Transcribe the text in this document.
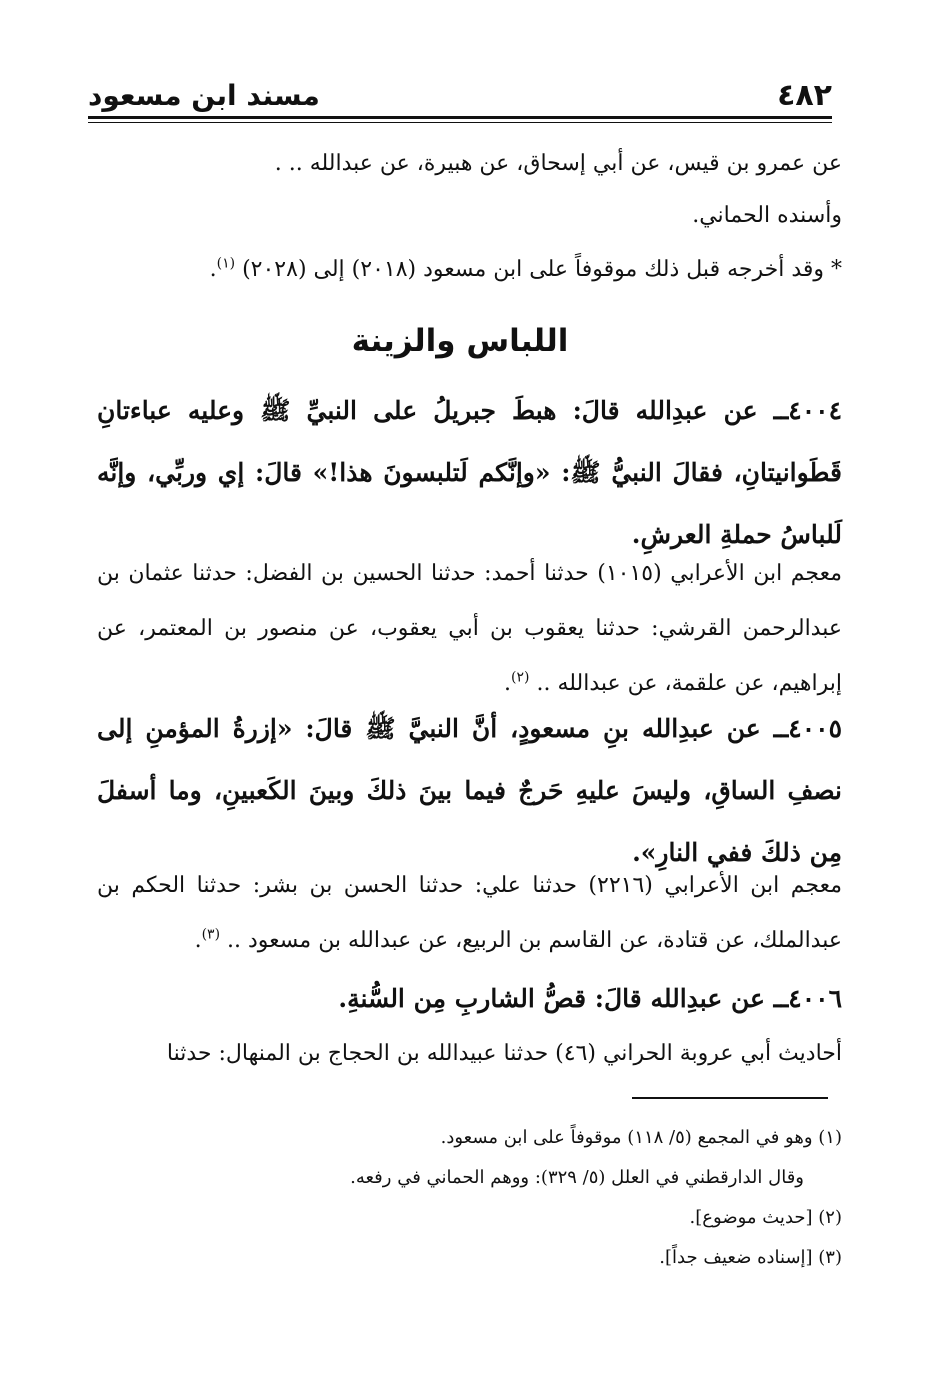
٤٨٢
مسند ابن مسعود
عن عمرو بن قيس، عن أبي إسحاق، عن هبيرة، عن عبدالله .. .
وأسنده الحماني.
* وقد أخرجه قبل ذلك موقوفاً على ابن مسعود (٢٠١٨) إلى (٢٠٢٨) $^{(١)}$.
اللباس والزينة
٤٠٠٤ــ عن عبدِالله قالَ: هبطَ جبريلُ على النبيِّ ﷺ وعليه عباءتانِ قَطَوانيتانِ، فقالَ النبيُّ ﷺ: «وإنَّكم لَتلبسونَ هذا!» قالَ: إي وربِّي، وإنَّه لَلباسُ حملةِ العرشِ.
معجم ابن الأعرابي (١٠١٥) حدثنا أحمد: حدثنا الحسين بن الفضل: حدثنا عثمان بن عبدالرحمن القرشي: حدثنا يعقوب بن أبي يعقوب، عن منصور بن المعتمر، عن إبراهيم، عن علقمة، عن عبدالله .. $^{(٢)}$.
٤٠٠٥ــ عن عبدِالله بنِ مسعودٍ، أنَّ النبيَّ ﷺ قالَ: «إزرةُ المؤمنِ إلى نصفِ الساقِ، وليسَ عليهِ حَرجٌ فيما بينَ ذلكَ وبينَ الكَعبينِ، وما أسفلَ مِن ذلكَ ففي النارِ».
معجم ابن الأعرابي (٢٢١٦) حدثنا علي: حدثنا الحسن بن بشر: حدثنا الحكم بن عبدالملك، عن قتادة، عن القاسم بن الربيع، عن عبدالله بن مسعود .. $^{(٣)}$.
٤٠٠٦ــ عن عبدِالله قالَ: قصُّ الشاربِ مِن السُّنةِ.
أحاديث أبي عروبة الحراني (٤٦) حدثنا عبيدالله بن الحجاج بن المنهال: حدثنا
(١) وهو في المجمع (٥/ ١١٨) موقوفاً على ابن مسعود.
وقال الدارقطني في العلل (٥/ ٣٢٩): ووهم الحماني في رفعه.
(٢) [حديث موضوع].
(٣) [إسناده ضعيف جداً].
